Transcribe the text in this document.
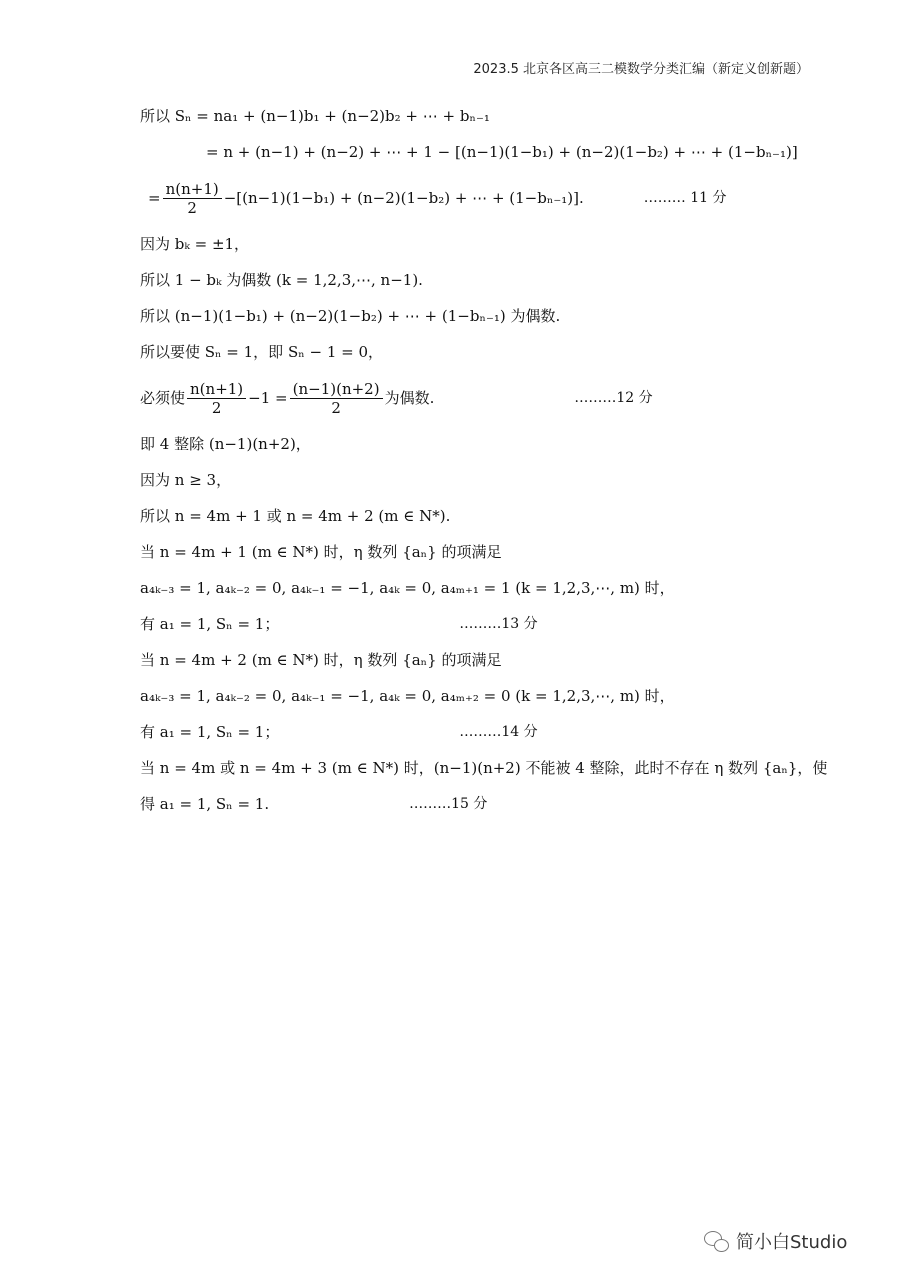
2023.5 北京各区高三二模数学分类汇编（新定义创新题）
所以 Sₙ = na₁ + (n−1)b₁ + (n−2)b₂ + ⋯ + bₙ₋₁
= n + (n−1) + (n−2) + ⋯ + 1 − [(n−1)(1−b₁) + (n−2)(1−b₂) + ⋯ + (1−bₙ₋₁)]
= $\frac{n(n+1)}{2} - [(n-1)(1-b_1) + (n-2)(1-b_2)$ + ⋯ + (1−bₙ₋₁)].	……… 11 分
因为 bₖ = ±1，
所以 1 − bₖ 为偶数 (k = 1,2,3,⋯, n−1).
所以 (n−1)(1−b₁) + (n−2)(1−b₂) + ⋯ + (1−bₙ₋₁) 为偶数.
所以要使 Sₙ = 1，即 Sₙ − 1 = 0，
必须使 $\frac{n(n+1)}{2} -1 = \frac{(n-1)(n+2)}{2}$ 为偶数.	………12 分
即 4 整除 (n−1)(n+2)，
因为 n ≥ 3，
所以 n = 4m + 1 或 n = 4m + 2 (m ∈ N*).
当 n = 4m + 1 (m ∈ N*) 时，η 数列 {aₙ} 的项满足
a₄ₖ₋₃ = 1, a₄ₖ₋₂ = 0, a₄ₖ₋₁ = −1, a₄ₖ = 0, a₄ₘ₊₁ = 1 (k = 1,2,3,⋯, m) 时，
有 a₁ = 1, Sₙ = 1；	………13 分
当 n = 4m + 2 (m ∈ N*) 时，η 数列 {aₙ} 的项满足
a₄ₖ₋₃ = 1, a₄ₖ₋₂ = 0, a₄ₖ₋₁ = −1, a₄ₖ = 0, a₄ₘ₊₂ = 0 (k = 1,2,3,⋯, m) 时，
有 a₁ = 1, Sₙ = 1；	………14 分
当 n = 4m 或 n = 4m + 3 (m ∈ N*) 时，(n−1)(n+2) 不能被 4 整除，此时不存在 η 数列 {aₙ}，使
得 a₁ = 1, Sₙ = 1.	………15 分
简小白Studio
